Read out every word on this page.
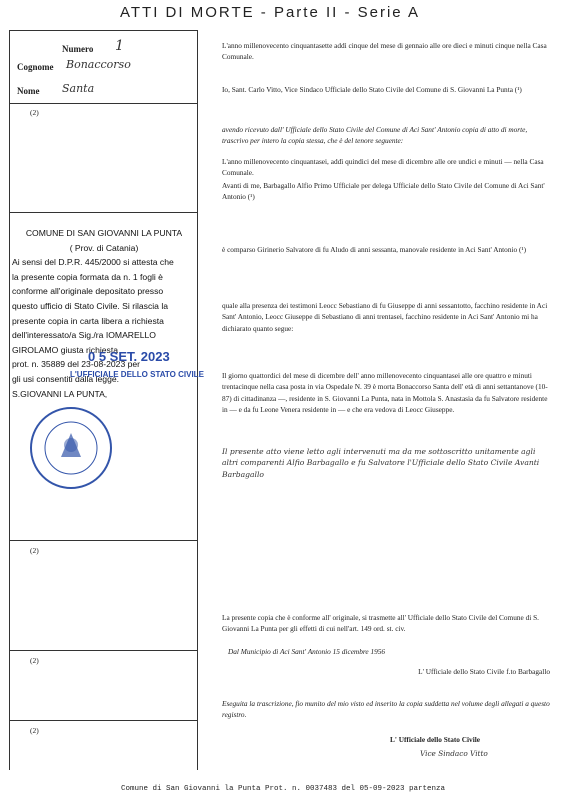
ATTI DI MORTE - Parte II - Serie A
Numero 1
Cognome Bonaccorso
Nome Santa
(2)
COMUNE DI SAN GIOVANNI LA PUNTA
( Prov. di Catania)
Ai sensi del D.P.R. 445/2000 si attesta che
la presente copia formata da n. 1 fogli è
conforme all'originale depositato presso
questo ufficio di Stato Civile. Si rilascia la
presente copia in carta libera a richiesta
dell'interessato/a Sig./ra IOMARELLO
GIROLAMO giusta richiesta
prot. n. 35889 del 23-08-2023 per
gli usi consentiti dalla legge.
S.GIOVANNI LA PUNTA,
0 5 SET. 2023
L'UFFICIALE DELLO STATO CIVILE
(2)
(2)
(2)
L'anno millenovecento cinquantasette addì cinque del mese di gennaio alle ore dieci e minuti cinque nella Casa Comunale.
Io, Sant. Carlo Vitto, Vice Sindaco Ufficiale dello Stato Civile del Comune di S. Giovanni La Punta (¹)
avendo ricevuto dall' Ufficiale dello Stato Civile del Comune di Aci Sant' Antonio copia di atto di morte, trascrivo per intero la copia stessa, che è del tenore seguente:
L'anno millenovecento cinquantasei, addì quindici del mese di dicembre alle ore undici e minuti — nella Casa Comunale.
Avanti di me, Barbagallo Alfio Primo Ufficiale per delega Ufficiale dello Stato Civile del Comune di Aci Sant' Antonio (¹)
è comparso Girinerio Salvatore di fu Aludo di anni sessanta, manovale residente in Aci Sant' Antonio (¹)
quale alla presenza dei testimoni Leocc Sebastiano di fu Giuseppe di anni sessantotto, facchino residente in Aci Sant' Antonio, Leocc Giuseppe di Sebastiano di anni trentasei, facchino residente in Aci Sant' Antonio mi ha dichiarato quanto segue:
Il giorno quattordici del mese di dicembre dell' anno millenovecento cinquantasei alle ore quattro e minuti trentacinque nella casa posta in via Ospedale N. 39 è morta Bonaccorso Santa dell' età di anni settantanove (10-87) di cittadinanza —, residente in S. Giovanni La Punta, nata in Mottola S. Anastasia da fu Salvatore residente in — e da fu Leone Venera residente in — e che era vedova di Leocc Giuseppe.
Il presente atto viene letto agli intervenuti ma da me sottoscritto unitamente agli altri comparenti Alfio Barbagallo e fu Salvatore l'Ufficiale dello Stato Civile Avanti Barbagallo
La presente copia che è conforme all' originale, si trasmette all' Ufficiale dello Stato Civile del Comune di S. Giovanni La Punta per gli effetti di cui nell'art. 149 ord. st. civ.
Dal Municipio di Aci Sant' Antonio 15 dicembre 1956
L' Ufficiale dello Stato Civile f.to Barbagallo
Eseguita la trascrizione, fio munito del mio visto ed inserito la copia suddetta nel volume degli allegati a questo registro.
L' Ufficiale dello Stato Civile
Vice Sindaco Vitto
Comune di San Giovanni la Punta Prot. n. 0037483 del 05-09-2023 partenza
